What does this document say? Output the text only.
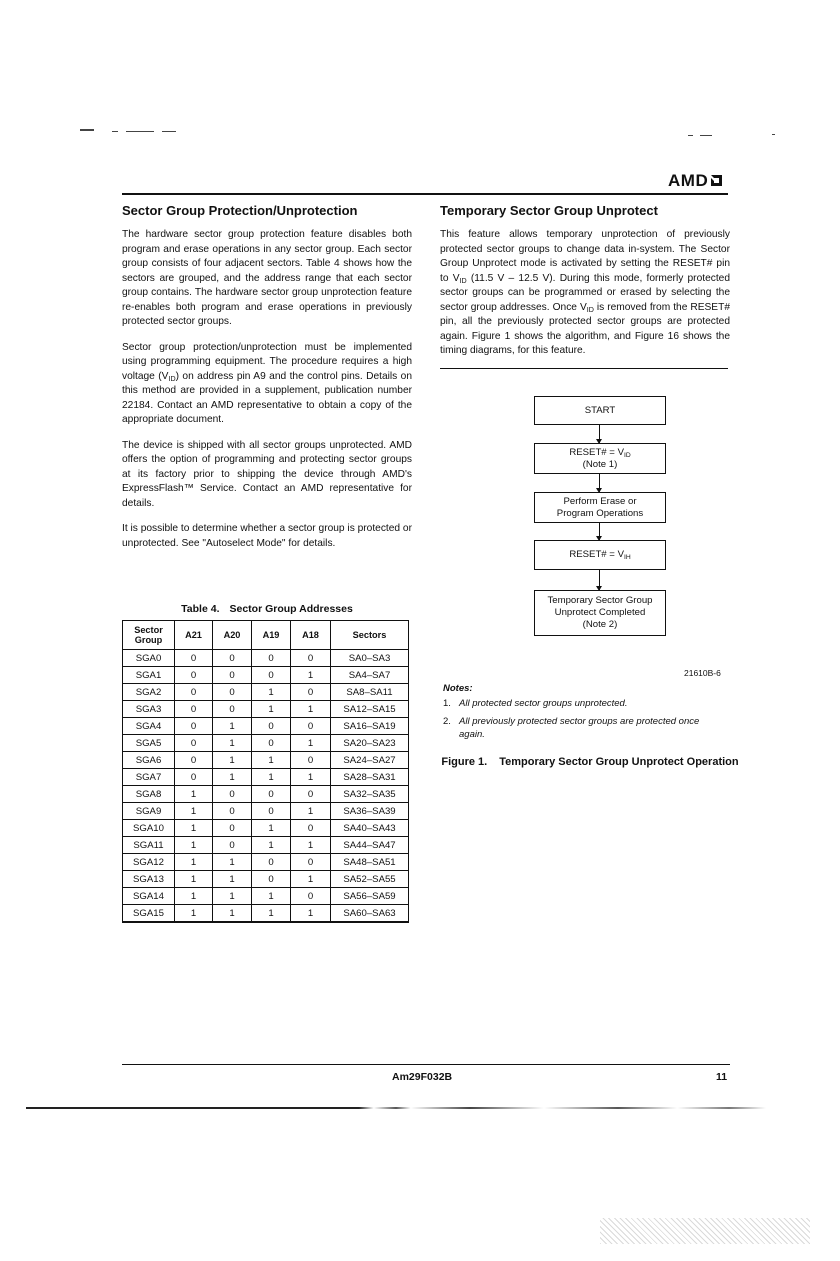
AMD
Sector Group Protection/Unprotection

The hardware sector group protection feature disables both program and erase operations in any sector group. Each sector group consists of four adjacent sectors. Table 4 shows how the sectors are grouped, and the address range that each sector group contains. The hardware sector group unprotection feature re-enables both program and erase operations in previously protected sector groups.

Sector group protection/unprotection must be implemented using programming equipment. The procedure requires a high voltage $(V_{ID})$ on address pin A9 and the control pins. Details on this method are provided in a supplement, publication number 22184. Contact an AMD representative to obtain a copy of the appropriate document.

The device is shipped with all sector groups unprotected. AMD offers the option of programming and protecting sector groups at its factory prior to shipping the device through AMD's ExpressFlash™ Service. Contact an AMD representative for details.

It is possible to determine whether a sector group is protected or unprotected. See "Autoselect Mode" for details.

Table 4. Sector Group Addresses
Sector Group	A21	A20	A19	A18	Sectors
SGA0	0	0	0	0	SA0–SA3
SGA1	0	0	0	1	SA4–SA7
SGA2	0	0	1	0	SA8–SA11
SGA3	0	0	1	1	SA12–SA15
SGA4	0	1	0	0	SA16–SA19
SGA5	0	1	0	1	SA20–SA23
SGA6	0	1	1	0	SA24–SA27
SGA7	0	1	1	1	SA28–SA31
SGA8	1	0	0	0	SA32–SA35
SGA9	1	0	0	1	SA36–SA39
SGA10	1	0	1	0	SA40–SA43
SGA11	1	0	1	1	SA44–SA47
SGA12	1	1	0	0	SA48–SA51
SGA13	1	1	0	1	SA52–SA55
SGA14	1	1	1	0	SA56–SA59
SGA15	1	1	1	1	SA60–SA63
Temporary Sector Group Unprotect

This feature allows temporary unprotection of previously protected sector groups to change data in-system. The Sector Group Unprotect mode is activated by setting the RESET# pin to $V_{ID}$ (11.5 V – 12.5 V). During this mode, formerly protected sector groups can be programmed or erased by selecting the sector group addresses. Once $V_{ID}$ is removed from the RESET# pin, all the previously protected sector groups are protected again. Figure 1 shows the algorithm, and Figure 16 shows the timing diagrams, for this feature.

START
RESET# = $V_{ID}$
(Note 1)
Perform Erase or
Program Operations
RESET# = $V_{IH}$
Temporary Sector Group
Unprotect Completed
(Note 2)
21610B-6
Notes:
1. All protected sector groups unprotected.
2. All previously protected sector groups are protected once again.
Figure 1. Temporary Sector Group Unprotect Operation
Am29F032B	11
